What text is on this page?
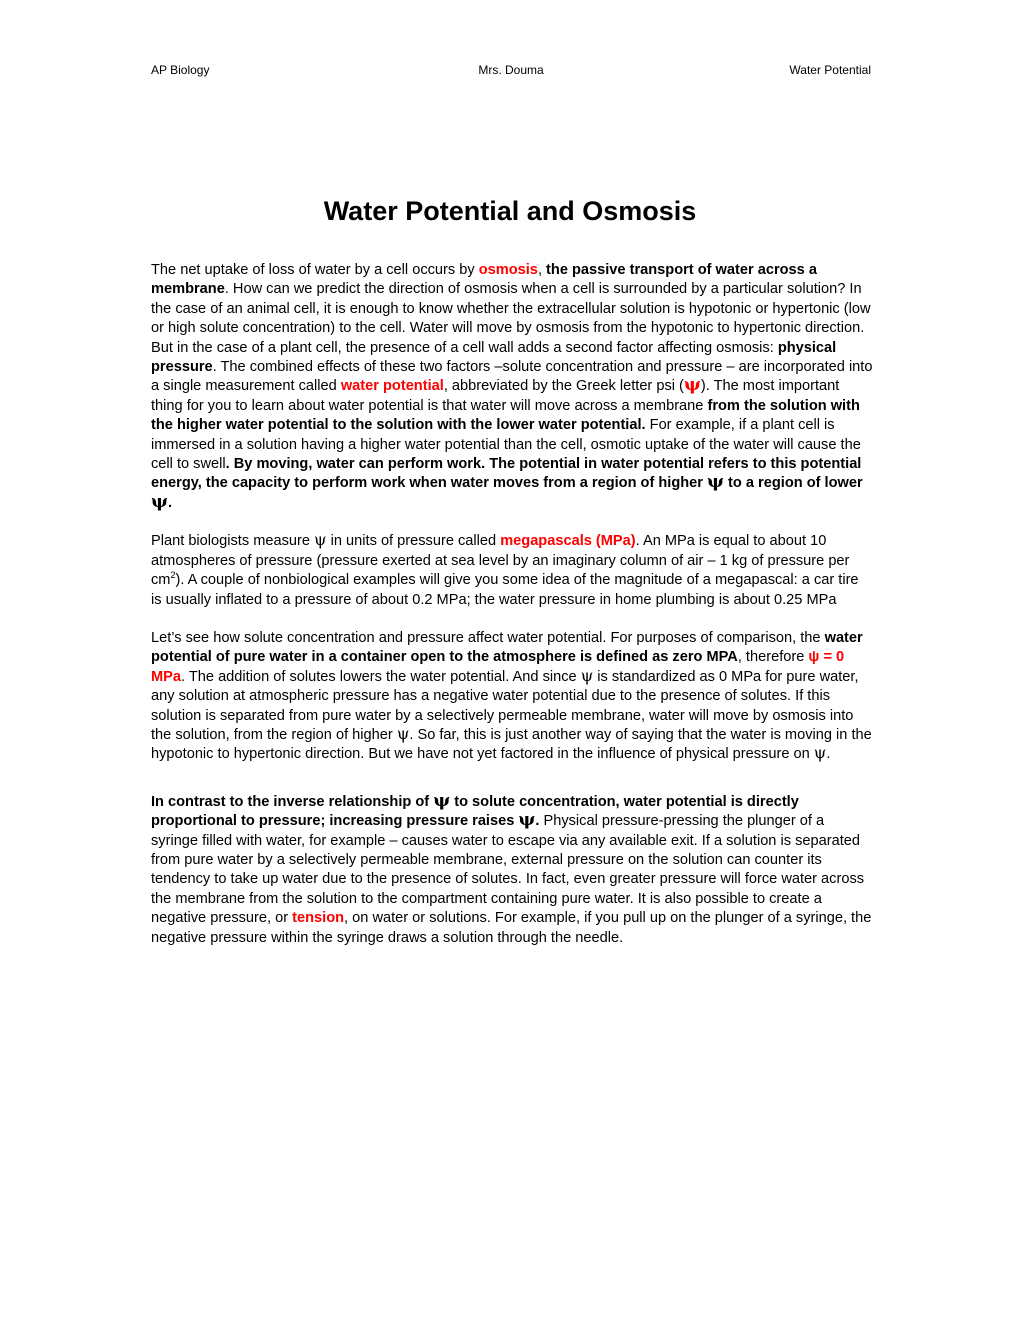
AP Biology	Mrs. Douma	Water Potential
Water Potential and Osmosis

The net uptake of loss of water by a cell occurs by osmosis, the passive transport of water across a membrane. How can we predict the direction of osmosis when a cell is surrounded by a particular solution? In the case of an animal cell, it is enough to know whether the extracellular solution is hypotonic or hypertonic (low or high solute concentration) to the cell. Water will move by osmosis from the hypotonic to hypertonic direction. But in the case of a plant cell, the presence of a cell wall adds a second factor affecting osmosis: physical pressure. The combined effects of these two factors –solute concentration and pressure – are incorporated into a single measurement called water potential, abbreviated by the Greek letter psi (ψ). The most important thing for you to learn about water potential is that water will move across a membrane from the solution with the higher water potential to the solution with the lower water potential. For example, if a plant cell is immersed in a solution having a higher water potential than the cell, osmotic uptake of the water will cause the cell to swell. By moving, water can perform work. The potential in water potential refers to this potential energy, the capacity to perform work when water moves from a region of higher ψ to a region of lower ψ.

Plant biologists measure ψ in units of pressure called megapascals (MPa). An MPa is equal to about 10 atmospheres of pressure (pressure exerted at sea level by an imaginary column of air – 1 kg of pressure per $cm^2$). A couple of nonbiological examples will give you some idea of the magnitude of a megapascal: a car tire is usually inflated to a pressure of about 0.2 MPa; the water pressure in home plumbing is about 0.25 MPa

Let’s see how solute concentration and pressure affect water potential. For purposes of comparison, the water potential of pure water in a container open to the atmosphere is defined as zero MPA, therefore ψ = 0 MPa. The addition of solutes lowers the water potential. And since ψ is standardized as 0 MPa for pure water, any solution at atmospheric pressure has a negative water potential due to the presence of solutes. If this solution is separated from pure water by a selectively permeable membrane, water will move by osmosis into the solution, from the region of higher ψ. So far, this is just another way of saying that the water is moving in the hypotonic to hypertonic direction. But we have not yet factored in the influence of physical pressure on ψ.

In contrast to the inverse relationship of ψ to solute concentration, water potential is directly proportional to pressure; increasing pressure raises ψ. Physical pressure-pressing the plunger of a syringe filled with water, for example – causes water to escape via any available exit. If a solution is separated from pure water by a selectively permeable membrane, external pressure on the solution can counter its tendency to take up water due to the presence of solutes. In fact, even greater pressure will force water across the membrane from the solution to the compartment containing pure water. It is also possible to create a negative pressure, or tension, on water or solutions. For example, if you pull up on the plunger of a syringe, the negative pressure within the syringe draws a solution through the needle.
